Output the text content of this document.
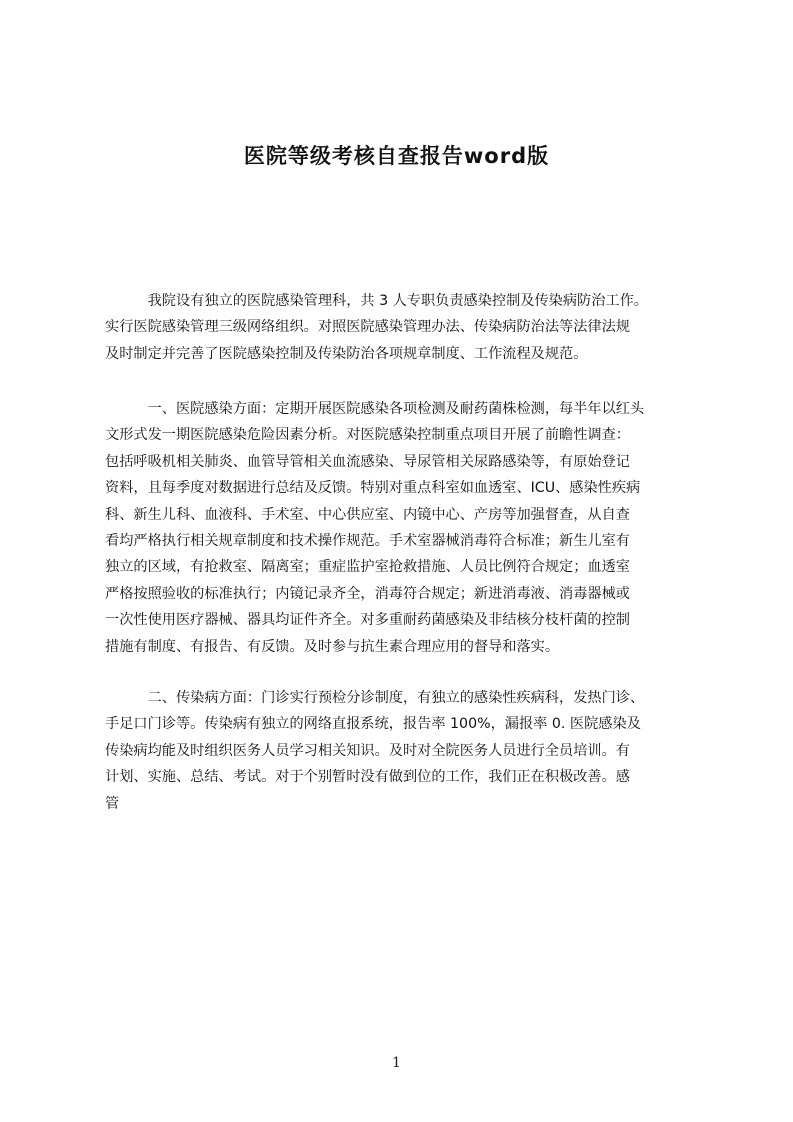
医院等级考核自查报告word版
　　　我院设有独立的医院感染管理科，共 3 人专职负责感染控制及传染病防治工作。
实行医院感染管理三级网络组织。对照医院感染管理办法、传染病防治法等法律法规
及时制定并完善了医院感染控制及传染防治各项规章制度、工作流程及规范。
　　　一、医院感染方面：定期开展医院感染各项检测及耐药菌株检测，每半年以红头
文形式发一期医院感染危险因素分析。对医院感染控制重点项目开展了前瞻性调查：
包括呼吸机相关肺炎、血管导管相关血流感染、导尿管相关尿路感染等，有原始登记
资料，且每季度对数据进行总结及反馈。特别对重点科室如血透室、ICU、感染性疾病
科、新生儿科、血液科、手术室、中心供应室、内镜中心、产房等加强督查，从自查
看均严格执行相关规章制度和技术操作规范。手术室器械消毒符合标准；新生儿室有
独立的区域，有抢救室、隔离室；重症监护室抢救措施、人员比例符合规定；血透室
严格按照验收的标准执行；内镜记录齐全，消毒符合规定；新进消毒液、消毒器械或
一次性使用医疗器械、器具均证件齐全。对多重耐药菌感染及非结核分枝杆菌的控制
措施有制度、有报告、有反馈。及时参与抗生素合理应用的督导和落实。
　　　二、传染病方面：门诊实行预检分诊制度，有独立的感染性疾病科，发热门诊、
手足口门诊等。传染病有独立的网络直报系统，报告率 100%，漏报率 0. 医院感染及
传染病均能及时组织医务人员学习相关知识。及时对全院医务人员进行全员培训。有
计划、实施、总结、考试。对于个别暂时没有做到位的工作，我们正在积极改善。感
管
1
